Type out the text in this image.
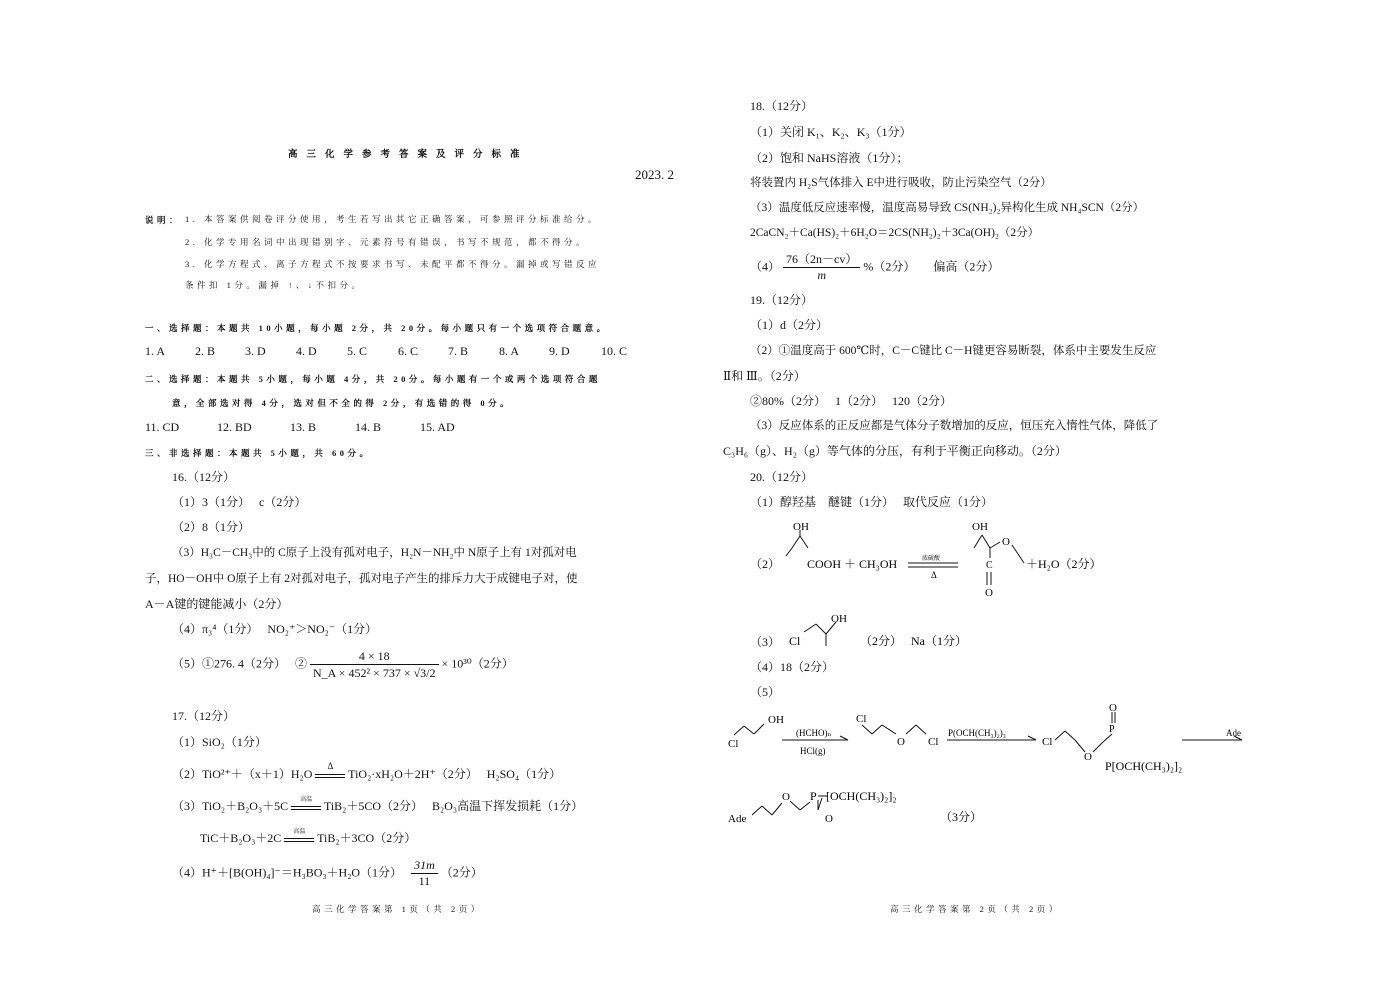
高三化学参考答案及评分标准
2023. 2
说明： 1. 本答案供阅卷评分使用，考生若写出其它正确答案，可参照评分标准给分。
2. 化学专用名词中出现错别字、元素符号有错误，书写不规范，都不得分。
3. 化学方程式、离子方程式不按要求书写、未配平都不得分。漏掉或写错反应
条件扣 1分。漏掉 ↑、↓不扣分。
一、选择题：本题共 10小题，每小题 2分，共 20分。每小题只有一个选项符合题意。
1. A 2. B 3. D	4. D	5. C	6. C 7. B	8. A 9. D	10. C
二、选择题：本题共 5小题，每小题 4分，共 20分。每小题有一个或两个选项符合题
意，全部选对得 4分，选对但不全的得 2分，有选错的得 0分。
11. CD	12. BD	13. B	14. B	15. AD
三、非选择题：本题共 5小题，共 60分。
16.（12分）
（1）3（1分）　 c（2分）
（2）8（1分）
（3）H₃C－CH₃中的 C原子上没有孤对电子，H₂N－NH₂中 N原子上有 1对孤对电
子，HO－OH中 O原子上有 2对孤对电子，孤对电子产生的排斥力大于成键电子对，使
A－A键的键能减小（2分）
（4）π₃⁴（1分）　 NO₂⁺＞NO₂⁻（1分）
（5）①276. 4（2分）　 ② $\frac{4 \times 18}{\text{N\_A × 452² × 737 × √3/2}} \times 10^{30}(2$分）
17.（12分）
（1）SiO₂（1分）
（2）TiO²⁺＋（x＋1）H₂O
Δ
TiO₂·xH₂O＋2H⁺（2分）　 H₂SO₄（1分）
（3）TiO₂＋B₂O₃＋5C	高温 TiB₂＋5CO（2分）　 B₂O₃高温下挥发损耗（1分）
TiC＋B₂O₃＋2C	高温 TiB₂＋3CO（2分）
（4）H⁺＋[B(OH)₄]⁻＝H₃BO₃＋H₂O（1分）　 $\frac{31m}{11} (2$分）
高三化学答案第 1页（共 2页）
18.（12分）
（1）关闭 K₁、K₂、K₃（1分）
（2）饱和 NaHS溶液（1分）；
将装置内 H₂S气体排入 E中进行吸收，防止污染空气（2分）
（3）温度低反应速率慢，温度高易导致 CS(NH₂)₂异构化生成 NH₄SCN（2分）
2CaCN₂＋Ca(HS)₂＋6H₂O＝2CS(NH₂)₂＋3Ca(OH)₂（2分）
$(4) \frac{76(2n-cv)}{m} \%(2$分）　　偏高（2分）
19.（12分）
（1）d（2分）
（2）①温度高于 600℃时，C－C键比 C－H键更容易断裂，体系中主要发生反应
Ⅱ和 Ⅲ。（2分）
②80%（2分）　 1（2分）　 120（2分）
（3）反应体系的正反应都是气体分子数增加的反应，恒压充入惰性气体，降低了
C₃H₆（g）、H₂（g）等气体的分压，有利于平衡正向移动。（2分）
20.（12分）
（1）醇羟基　醚键（1分）　 取代反应（1分）
（2）
OH
COOH ＋ CH₃OH	浓硫酸
Δ
OH
O
C
O
＋H₂O（2分）
（3） Cl
OH
（2分）　 Na（1分）
（4）18（2分）
（5）
Cl
OH
(HCHO)ₙ
HCl(g)
Cl
O Cl
P(OCH(CH₃)₂)₃
Cl
O
O
P
P[OCH(CH₃)₂]₂
Ade
Ade
O P [OCH(CH₃)₂]₂
O	（3分）
高三化学答案第 2页（共 2页）
